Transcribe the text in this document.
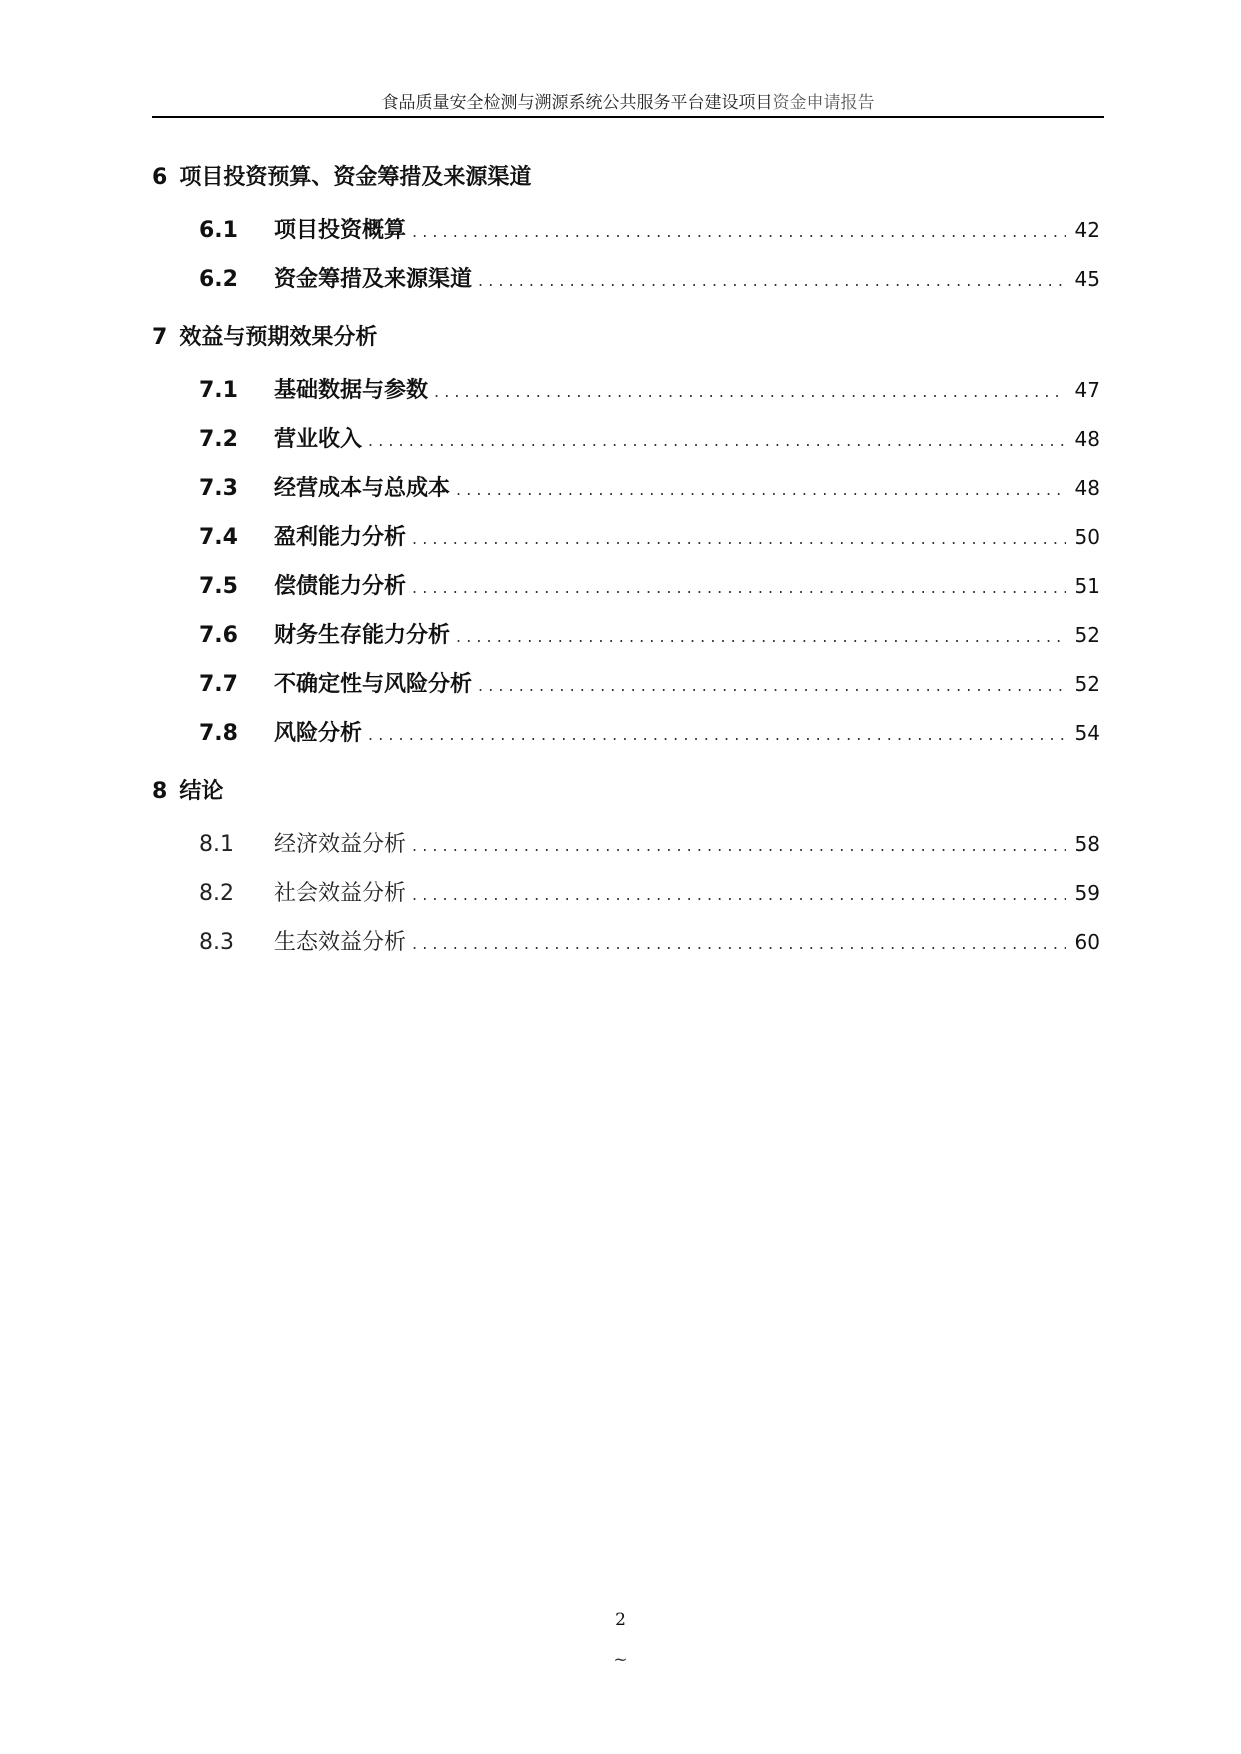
食品质量安全检测与溯源系统公共服务平台建设项目资金申请报告
6 项目投资预算、资金筹措及来源渠道
6.1	项目投资概算 . . .	42
6.2	资金筹措及来源渠道 . . .	45
7 效益与预期效果分析
7.1	基础数据与参数 . . .	47
7.2	营业收入 . . .	48
7.3	经营成本与总成本 . . .	48
7.4	盈利能力分析 . . .	50
7.5	偿债能力分析 . . .	51
7.6	财务生存能力分析 . . .	52
7.7	不确定性与风险分析 . . .	52
7.8	风险分析 . . .	54
8 结论
8.1	经济效益分析 . . .	58
8.2	社会效益分析 . . .	59
8.3	生态效益分析 . . .	60
2
~
